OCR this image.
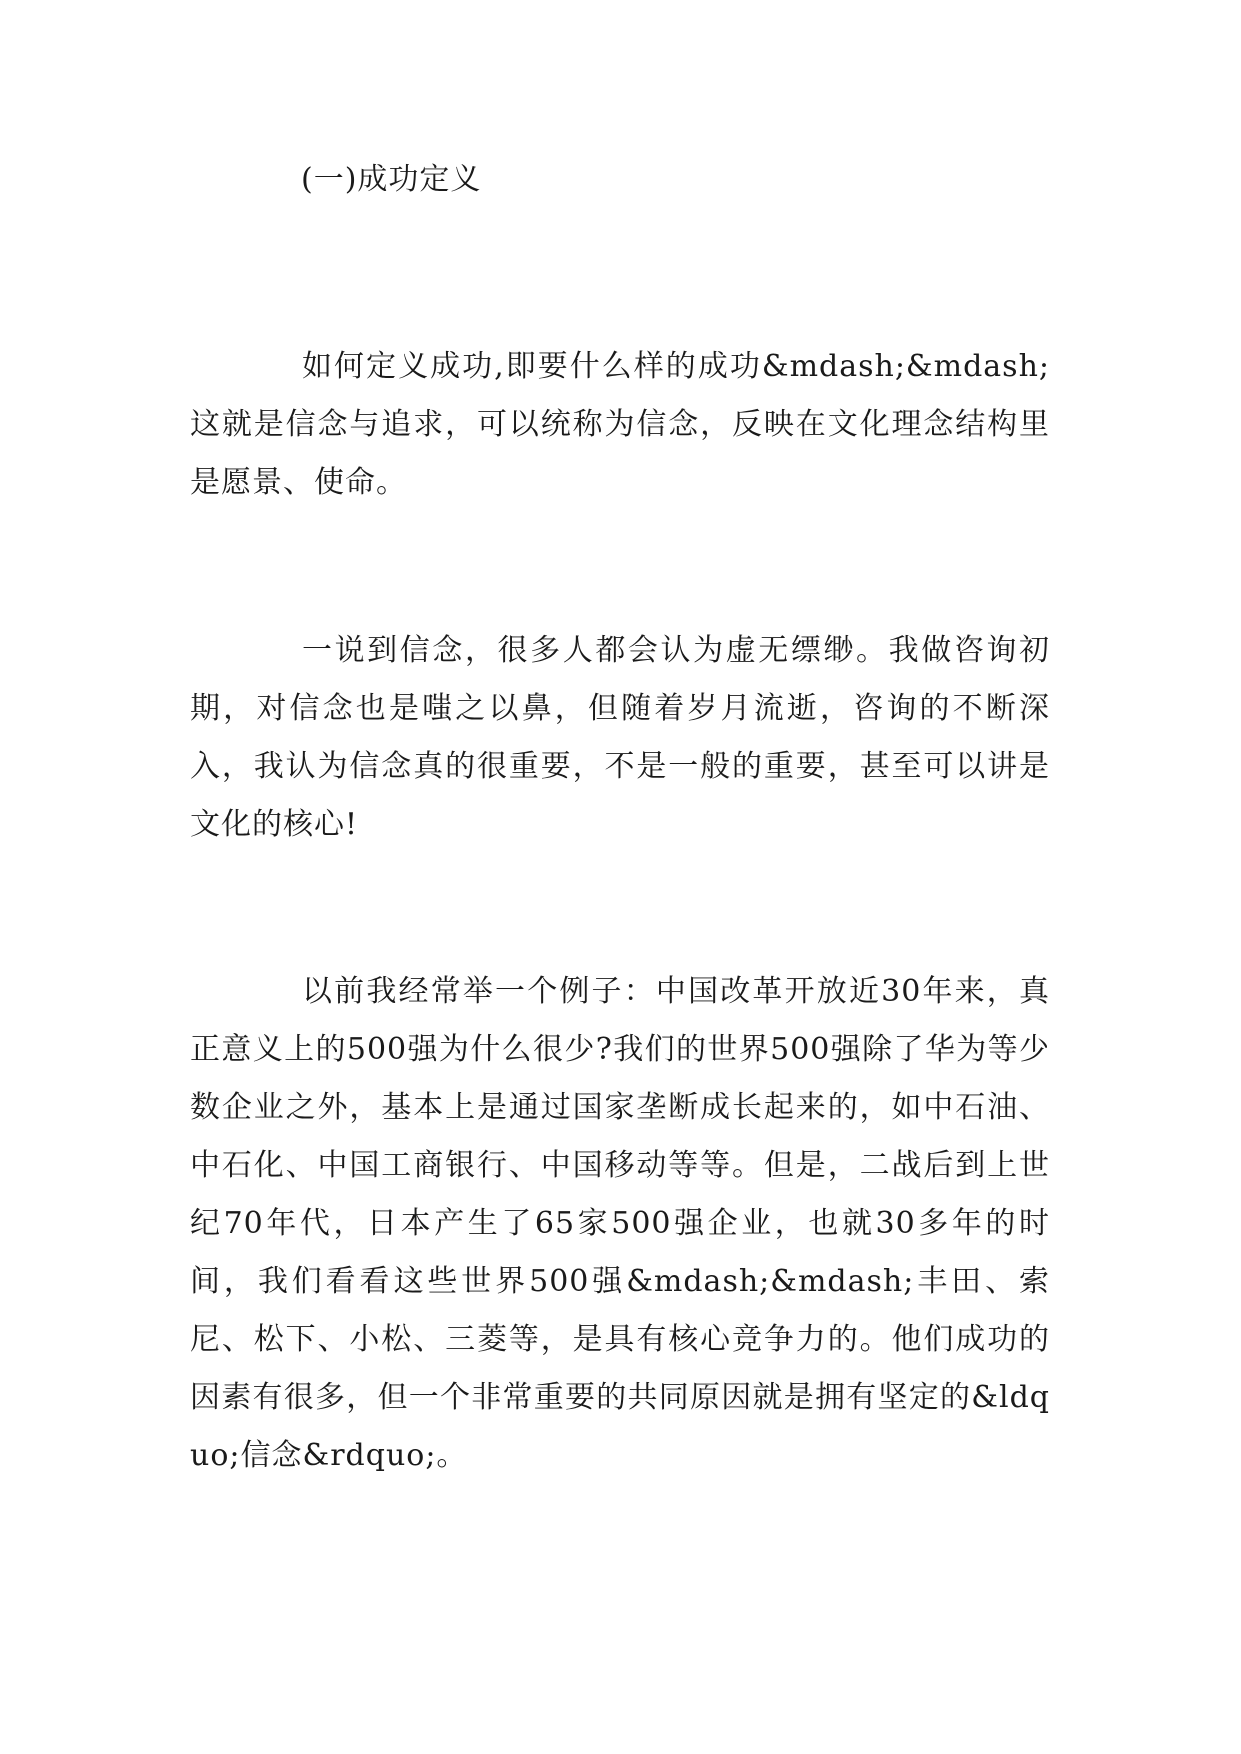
(一)成功定义

如何定义成功,即要什么样的成功&mdash;&mdash;这就是信念与追求，可以统称为信念，反映在文化理念结构里是愿景、使命。

一说到信念，很多人都会认为虚无缥缈。我做咨询初期，对信念也是嗤之以鼻，但随着岁月流逝，咨询的不断深入，我认为信念真的很重要，不是一般的重要，甚至可以讲是文化的核心!

以前我经常举一个例子：中国改革开放近30年来，真正意义上的500强为什么很少?我们的世界500强除了华为等少数企业之外，基本上是通过国家垄断成长起来的，如中石油、中石化、中国工商银行、中国移动等等。但是，二战后到上世纪70年代，日本产生了65家500强企业，也就30多年的时间，我们看看这些世界500强&mdash;&mdash;丰田、索尼、松下、小松、三菱等，是具有核心竞争力的。他们成功的因素有很多，但一个非常重要的共同原因就是拥有坚定的&ldquo;信念&rdquo;。
